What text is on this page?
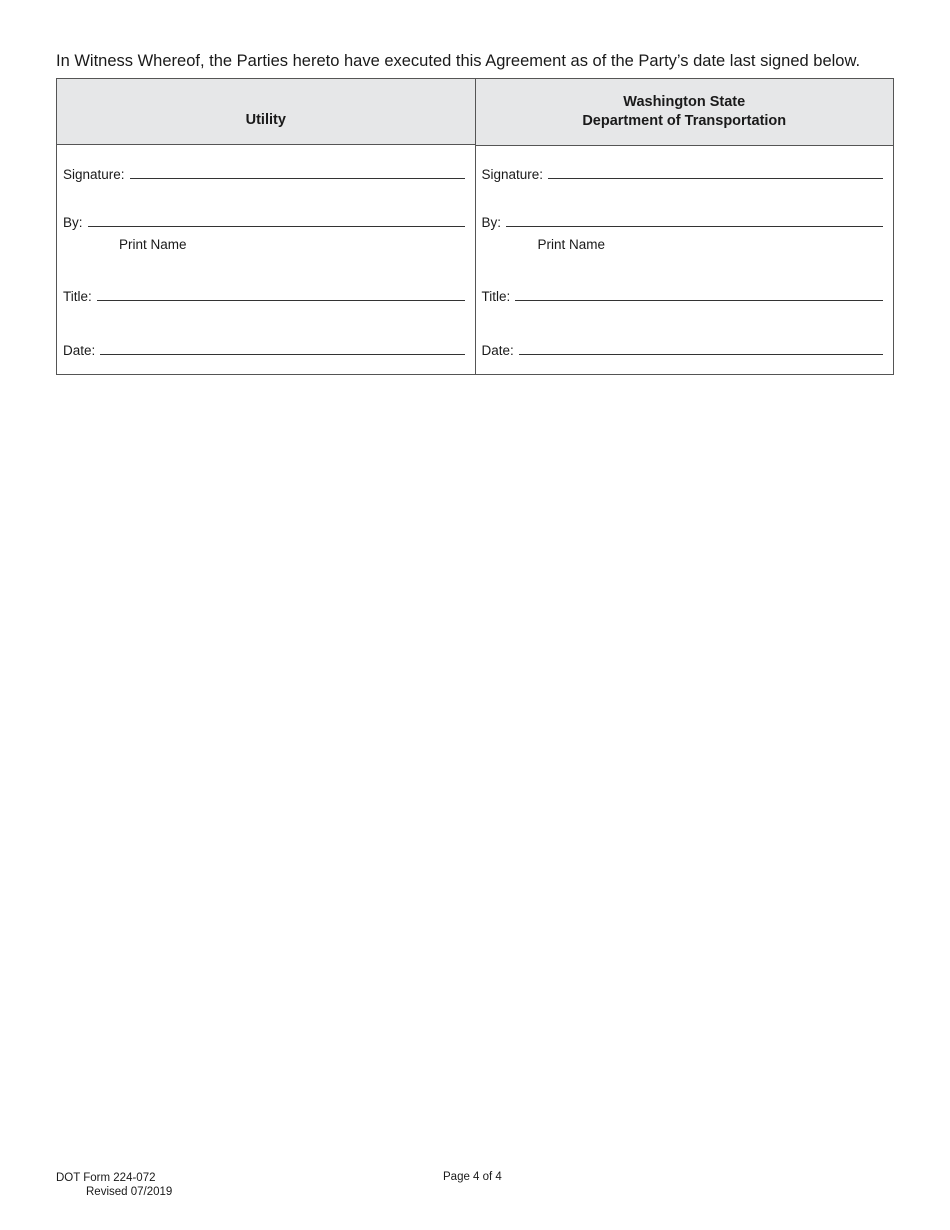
In Witness Whereof, the Parties hereto have executed this Agreement as of the Party’s date last signed below.
Utility
Signature:
By:
Print Name
Title:
Date:
Washington State
Department of Transportation
Signature:
By:
Print Name
Title:
Date:
DOT Form 224-072
Revised 07/2019
Page 4 of 4
